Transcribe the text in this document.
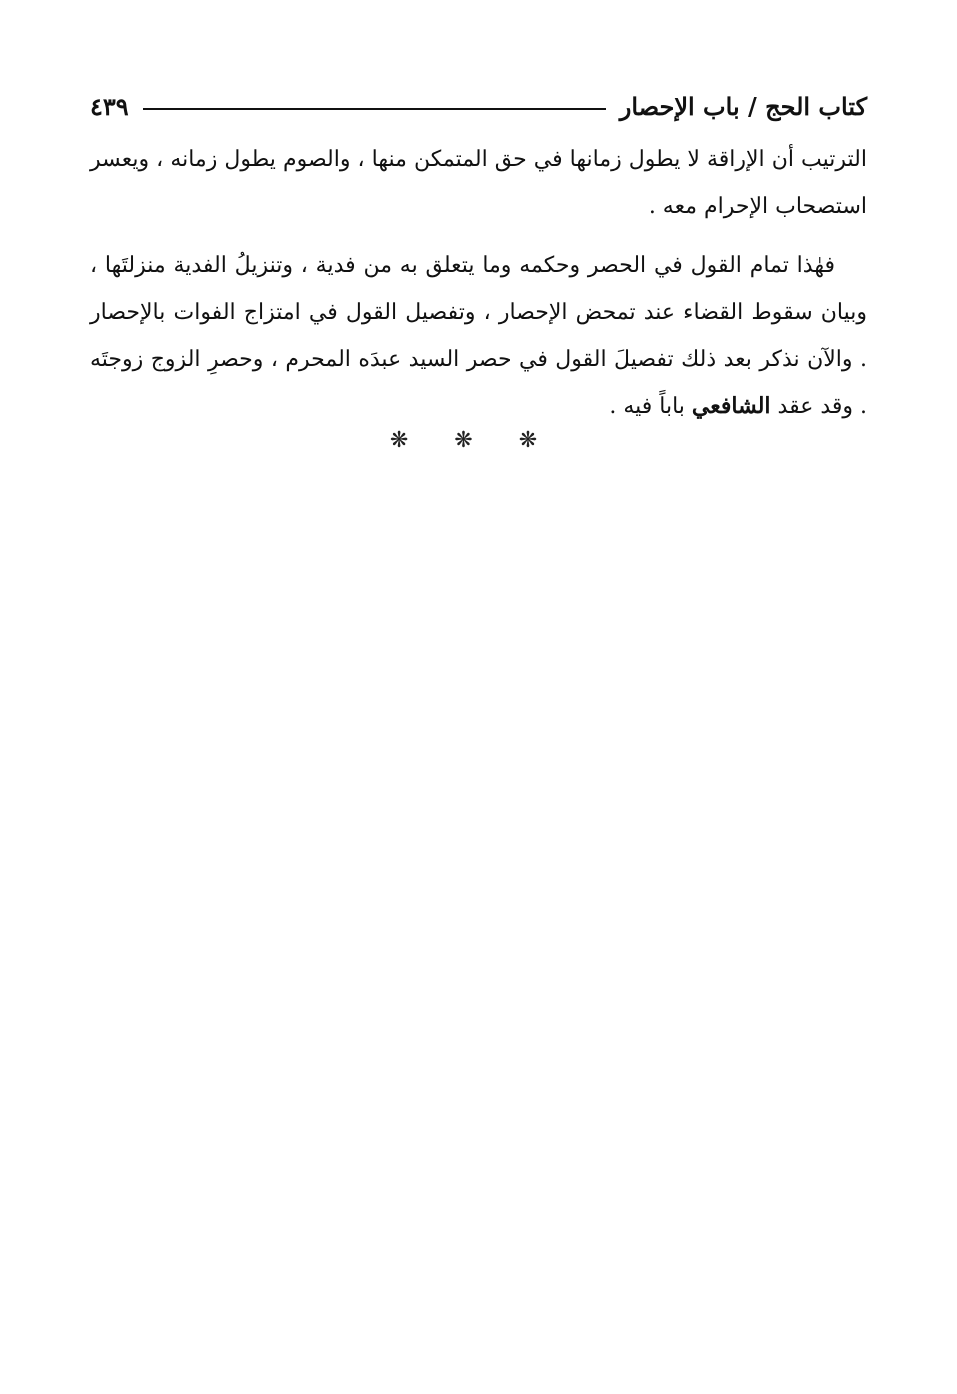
كتاب الحج / باب الإحصار
٤٣٩

الترتيب أن الإراقة لا يطول زمانها في حق المتمكن منها ، والصوم يطول زمانه ، ويعسر استصحاب الإحرام معه .

فهٰذا تمام القول في الحصر وحكمه وما يتعلق به من فدية ، وتنزيلُ الفدية منزلتَها ، وبيان سقوط القضاء عند تمحض الإحصار ، وتفصيل القول في امتزاج الفوات بالإحصار . والآن نذكر بعد ذلك تفصيلَ القول في حصر السيد عبدَه المحرم ، وحصرِ الزوج زوجتَه . وقد عقد الشافعي باباً فيه .

❋ ❋ ❋
